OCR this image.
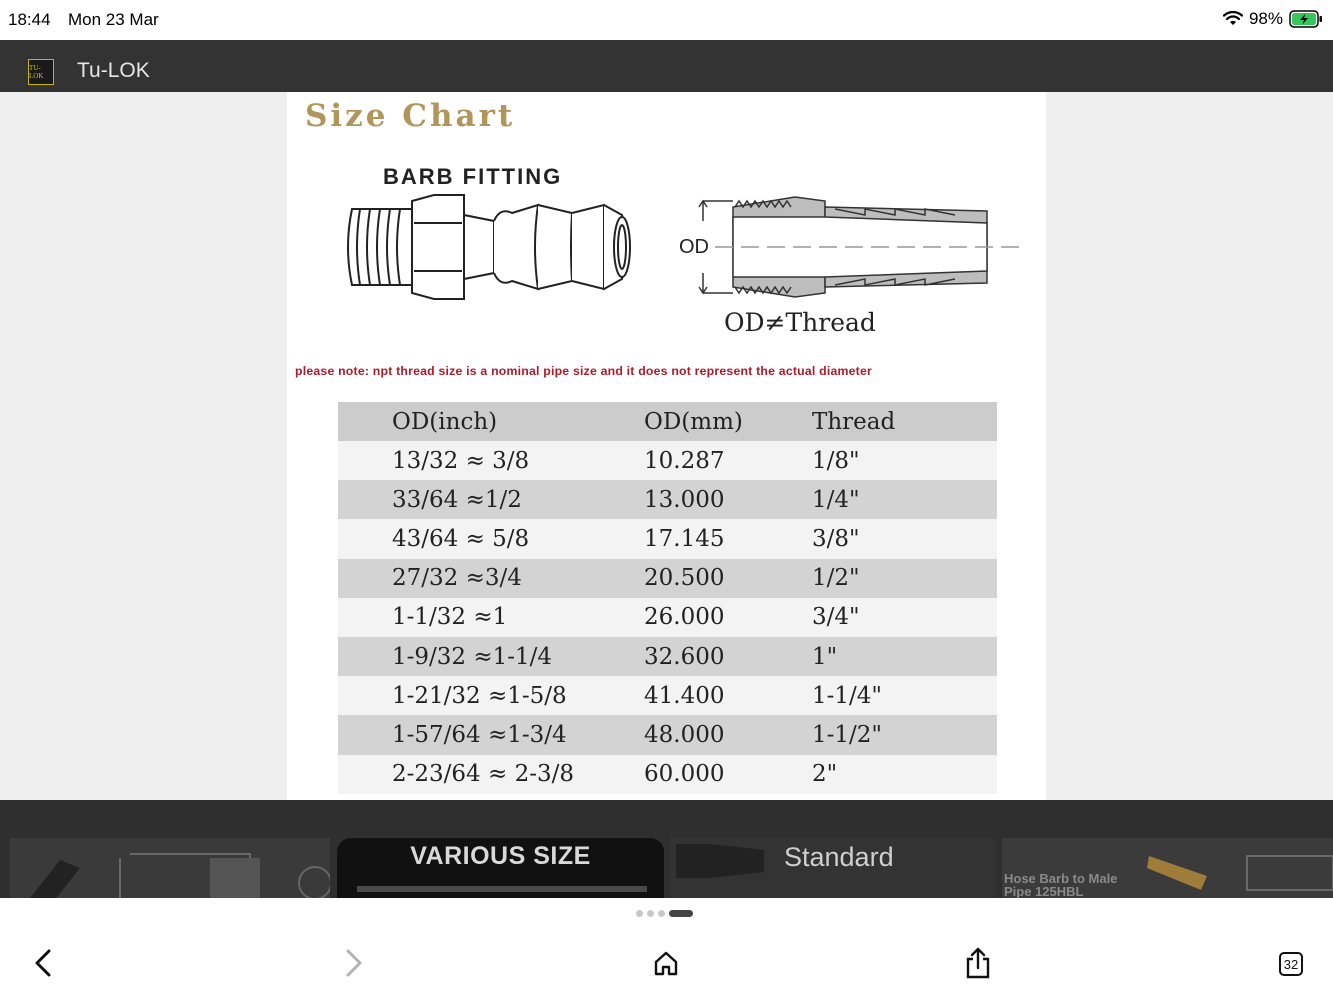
18:44 Mon 23 Mar	98%
TU-LOK	Tu-LOK
Size Chart
BARB FITTING
OD
OD≠Thread
please note: npt thread size is a nominal pipe size and it does not represent the actual diameter
OD(inch)	OD(mm)	Thread
13/32 ≈ 3/8	10.287	1/8"
33/64 ≈1/2	13.000	1/4"
43/64 ≈ 5/8	17.145	3/8"
27/32 ≈3/4	20.500	1/2"
1-1/32 ≈1	26.000	3/4"
1-9/32 ≈1-1/4	32.600	1"
1-21/32 ≈1-5/8	41.400	1-1/4"
1-57/64 ≈1-3/4	48.000	1-1/2"
2-23/64 ≈ 2-3/8	60.000	2"
VARIOUS SIZE	Standard
Hose Barb to Male Pipe 125HBL
32
